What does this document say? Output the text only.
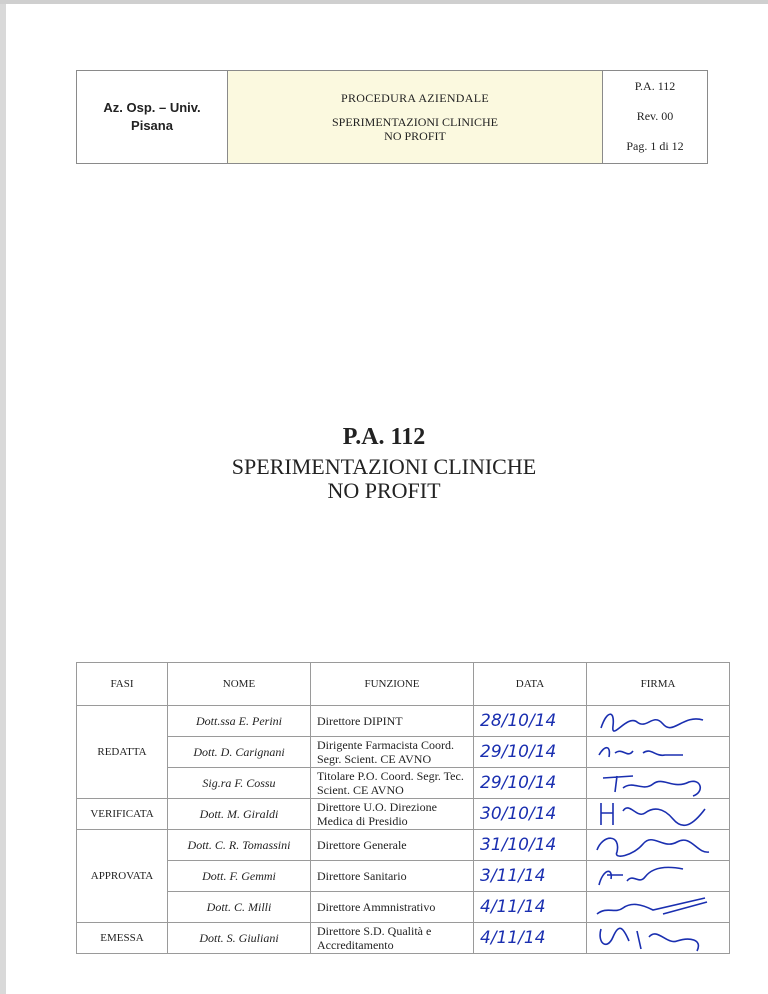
Az. Osp. – Univ.
Pisana
PROCEDURA AZIENDALE
SPERIMENTAZIONI CLINICHE
NO PROFIT
P.A. 112
Rev. 00
Pag. 1 di 12
P.A. 112
SPERIMENTAZIONI CLINICHE
NO PROFIT
FASI	NOME	FUNZIONE	DATA	FIRMA
REDATTA	Dott.ssa E. Perini	Direttore DIPINT	28/10/14	

	Dott. D. Carignani	Dirigente Farmacista Coord. Segr. Scient. CE AVNO	29/10/14	

	Sig.ra F. Cossu	Titolare P.O. Coord. Segr. Tec. Scient. CE AVNO	29/10/14	

VERIFICATA	Dott. M. Giraldi	Direttore U.O. Direzione Medica di Presidio	30/10/14	

APPROVATA	Dott. C. R. Tomassini	Direttore Generale	31/10/14	

	Dott. F. Gemmi	Direttore Sanitario	3/11/14	

	Dott. C. Milli	Direttore Ammnistrativo	4/11/14	

EMESSA	Dott. S. Giuliani	Direttore S.D. Qualità e Accreditamento	4/11/14	
